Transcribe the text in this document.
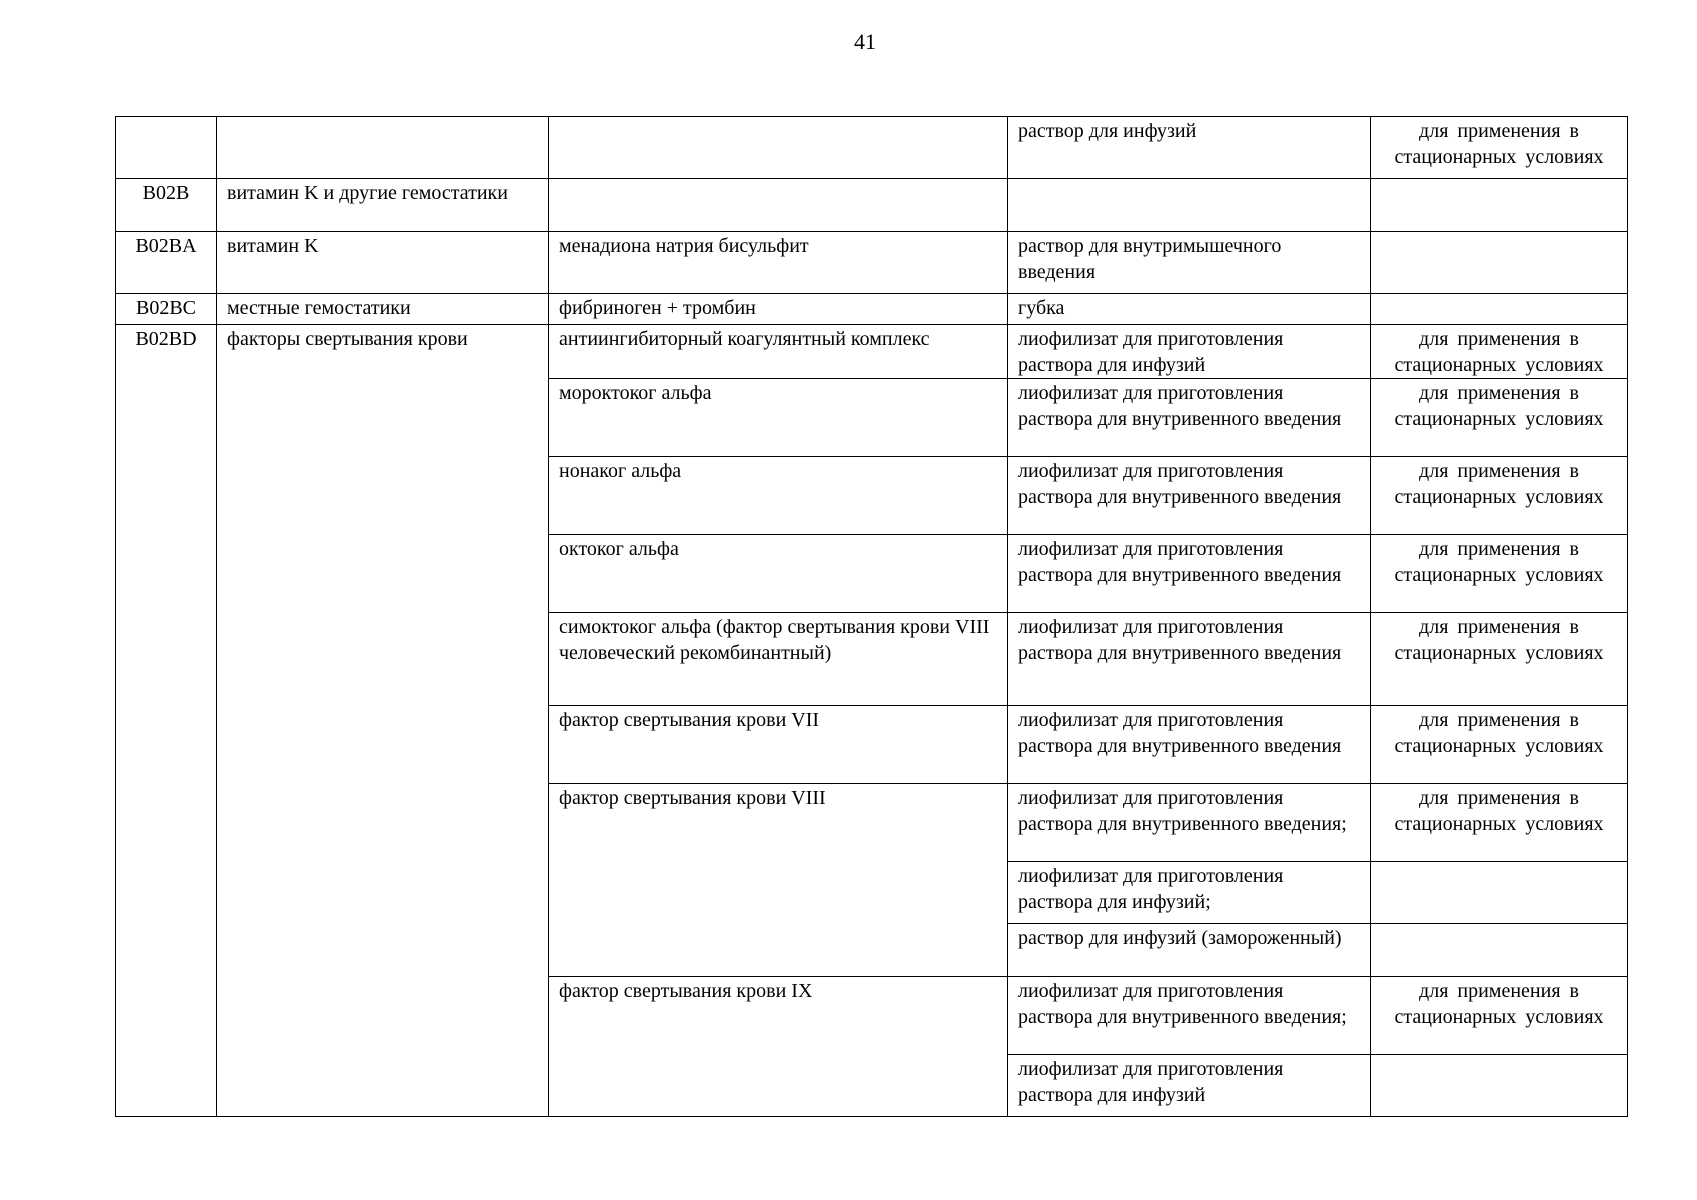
41
			раствор для инфузий	для применения в
стационарных условиях

B02B	витамин K и другие гемостатики			
B02BA	витамин K	менадиона натрия бисульфит	раствор для внутримышечного введения	
B02BC	местные гемостатики	фибриноген + тромбин	губка	
B02BD	факторы свертывания крови	антиингибиторный коагулянтный комплекс	лиофилизат для приготовления раствора для инфузий	для применения в
стационарных условиях

		мороктоког альфа	лиофилизат для приготовления раствора для внутривенного введения	для применения в
стационарных условиях

		нонаког альфа	лиофилизат для приготовления раствора для внутривенного введения	для применения в
стационарных условиях

		октоког альфа	лиофилизат для приготовления раствора для внутривенного введения	для применения в
стационарных условиях

		симоктоког альфа (фактор свертывания крови VIII человеческий рекомбинантный)	лиофилизат для приготовления раствора для внутривенного введения	для применения в
стационарных условиях

		фактор свертывания крови VII	лиофилизат для приготовления раствора для внутривенного введения	для применения в
стационарных условиях

		фактор свертывания крови VIII	лиофилизат для приготовления раствора для внутривенного введения;	для применения в
стационарных условиях

			лиофилизат для приготовления раствора для инфузий;	
			раствор для инфузий (замороженный)	
		фактор свертывания крови IX	лиофилизат для приготовления раствора для внутривенного введения;	для применения в
стационарных условиях

			лиофилизат для приготовления раствора для инфузий	
